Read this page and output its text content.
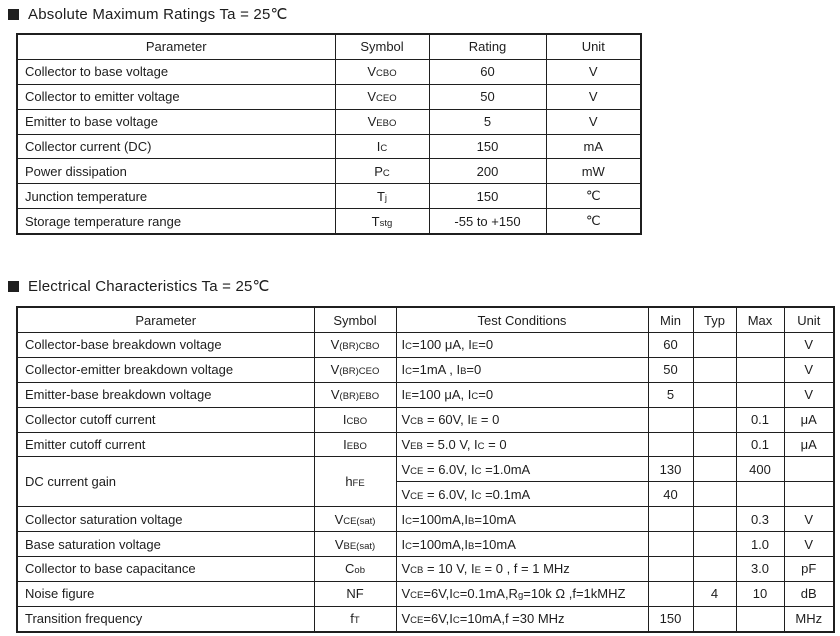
Absolute Maximum Ratings Ta = 25℃
Parameter	Symbol	Rating	Unit
Collector to base voltage	VCBO	60	V
Collector to emitter voltage	VCEO	50	V
Emitter to base voltage	VEBO	5	V
Collector current (DC)	IC	150	mA
Power dissipation	PC	200	mW
Junction temperature	Tj	150	℃
Storage temperature range	Tstg	-55 to +150	℃
Electrical Characteristics Ta = 25℃
Parameter	Symbol	Test Conditions	Min	Typ	Max	Unit
Collector-base breakdown voltage	V(BR)CBO	IC=100 μA, IE=0	60			V
Collector-emitter breakdown voltage	V(BR)CEO	IC=1mA , IB=0	50			V
Emitter-base breakdown voltage	V(BR)EBO	IE=100 μA, IC=0	5			V
Collector cutoff current	ICBO	VCB = 60V, IE = 0			0.1	μA
Emitter cutoff current	IEBO	VEB = 5.0 V, IC = 0			0.1	μA
DC current gain	hFE	VCE = 6.0V, IC =1.0mA	130		400	
		VCE = 6.0V, IC =0.1mA	40			
Collector saturation voltage	VCE(sat)	IC=100mA,IB=10mA			0.3	V
Base saturation voltage	VBE(sat)	IC=100mA,IB=10mA			1.0	V
Collector to base capacitance	Cob	VCB = 10 V, IE = 0 , f = 1 MHz			3.0	pF
Noise figure	NF	VCE=6V,IC=0.1mA,Rg=10k Ω ,f=1kMHZ		4	10	dB
Transition frequency	fT	VCE=6V,IC=10mA,f =30 MHz	150			MHz
